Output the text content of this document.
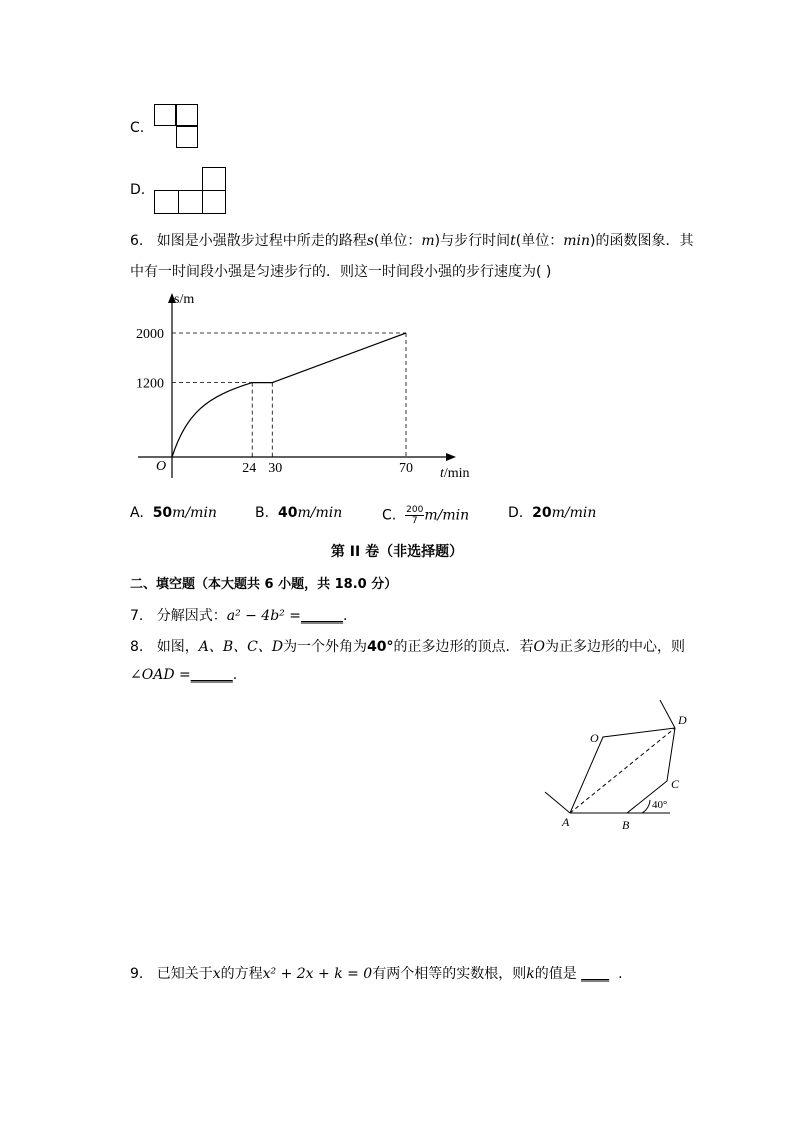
C.
D.
6. 如图是小强散步过程中所走的路程s(单位：m)与步行时间t(单位：min)的函数图象．其
中有一时间段小强是匀速步行的．则这一时间段小强的步行速度为( )
s/m
t/min
O	24 30	70
1200
2000
A. 50m/min	B. 40m/min	C. $\frac{200}{7} m/\min$	D. 20m/min
第 II 卷（非选择题）
二、填空题（本大题共 6 小题，共 18.0 分）
7. 分解因式：a² − 4b² =______.
8. 如图，A、B、C、D为一个外角为40°的正多边形的顶点．若O为正多边形的中心，则
∠OAD =______.
O
D
C
A	B
40°
9. 已知关于x的方程x² + 2x + k = 0有两个相等的实数根，则k的值是 ____ .
